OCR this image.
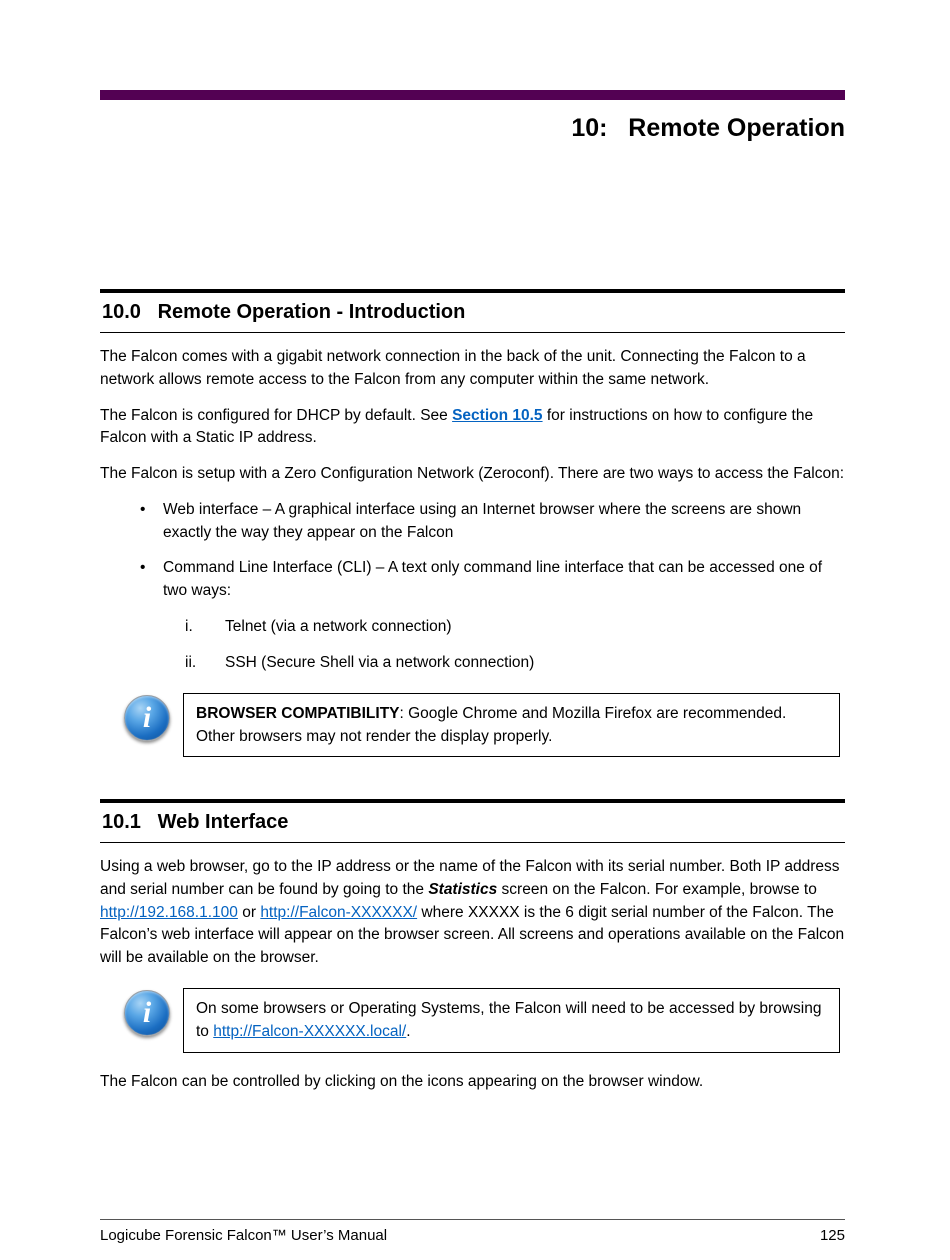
10:   Remote Operation
10.0   Remote Operation - Introduction

The Falcon comes with a gigabit network connection in the back of the unit. Connecting the Falcon to a network allows remote access to the Falcon from any computer within the same network.

The Falcon is configured for DHCP by default. See Section 10.5 for instructions on how to configure the Falcon with a Static IP address.

The Falcon is setup with a Zero Configuration Network (Zeroconf). There are two ways to access the Falcon:

•	Web interface – A graphical interface using an Internet browser where the screens are shown exactly the way they appear on the Falcon
•	Command Line Interface (CLI) – A text only command line interface that can be accessed one of two ways:
i.	Telnet (via a network connection)
ii.	SSH (Secure Shell via a network connection)
i	BROWSER COMPATIBILITY: Google Chrome and Mozilla Firefox are recommended. Other browsers may not render the display properly.
10.1   Web Interface

Using a web browser, go to the IP address or the name of the Falcon with its serial number. Both IP address and serial number can be found by going to the Statistics screen on the Falcon. For example, browse to http://192.168.1.100 or http://Falcon-XXXXXX/ where XXXXX is the 6 digit serial number of the Falcon. The Falcon’s web interface will appear on the browser screen. All screens and operations available on the Falcon will be available on the browser.

i	On some browsers or Operating Systems, the Falcon will need to be accessed by browsing to http://Falcon-XXXXXX.local/.

The Falcon can be controlled by clicking on the icons appearing on the browser window.

Logicube Forensic Falcon™ User’s Manual	125
